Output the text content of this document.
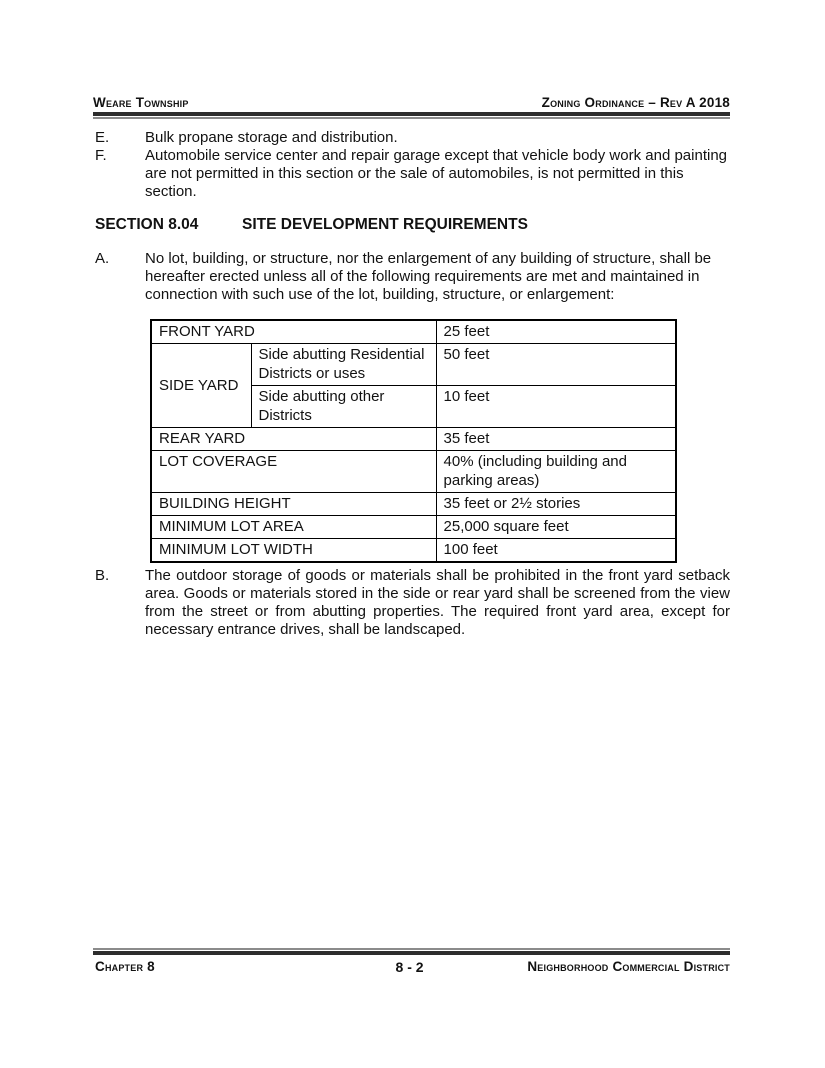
Weare Township	Zoning Ordinance – Rev A 2018
E.	Bulk propane storage and distribution.
F.	Automobile service center and repair garage except that vehicle body work and painting are not permitted in this section or the sale of automobiles, is not permitted in this section.
SECTION 8.04	SITE DEVELOPMENT REQUIREMENTS
A.	No lot, building, or structure, nor the enlargement of any building of structure, shall be hereafter erected unless all of the following requirements are met and maintained in connection with such use of the lot, building, structure, or enlargement:
FRONT YARD		25 feet
SIDE YARD	Side abutting Residential Districts or uses	50 feet
	Side abutting other Districts	10 feet
REAR YARD		35 feet
LOT COVERAGE		40% (including building and parking areas)
BUILDING HEIGHT		35 feet or 2½ stories
MINIMUM LOT AREA		25,000 square feet
MINIMUM LOT WIDTH		100 feet
B.	The outdoor storage of goods or materials shall be prohibited in the front yard setback area. Goods or materials stored in the side or rear yard shall be screened from the view from the street or from abutting properties. The required front yard area, except for necessary entrance drives, shall be landscaped.
Chapter 8	8 - 2	Neighborhood Commercial District
